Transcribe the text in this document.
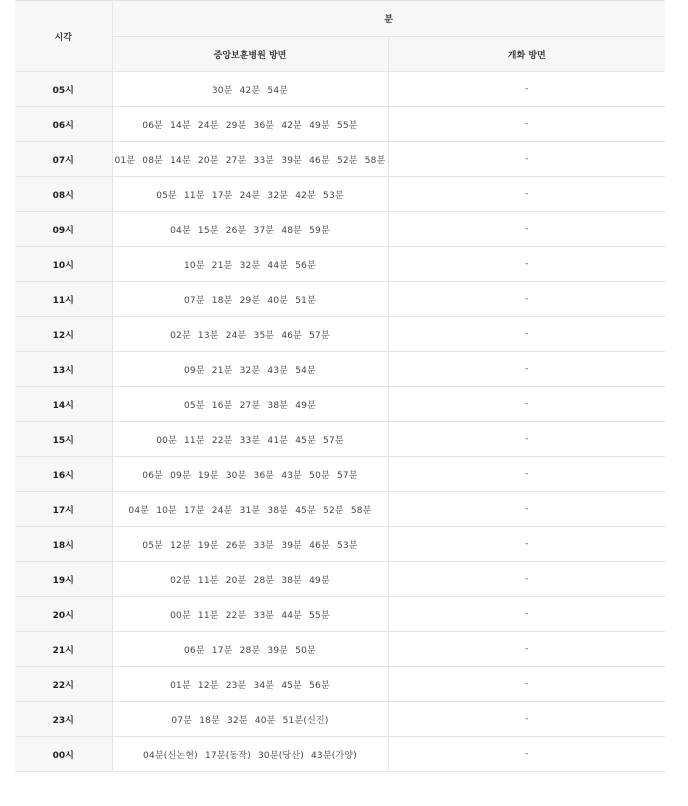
시각	분	
	중앙보훈병원 방면	개화 방면
05시	30분 42분 54분	-
06시	06분 14분 24분 29분 36분 42분 49분 55분	-
07시	01분 08분 14분 20분 27분 33분 39분 46분 52분 58분	-
08시	05분 11분 17분 24분 32분 42분 53분	-
09시	04분 15분 26분 37분 48분 59분	-
10시	10분 21분 32분 44분 56분	-
11시	07분 18분 29분 40분 51분	-
12시	02분 13분 24분 35분 46분 57분	-
13시	09분 21분 32분 43분 54분	-
14시	05분 16분 27분 38분 49분	-
15시	00분 11분 22분 33분 41분 45분 57분	-
16시	06분 09분 19분 30분 36분 43분 50분 57분	-
17시	04분 10분 17분 24분 31분 38분 45분 52분 58분	-
18시	05분 12분 19분 26분 33분 39분 46분 53분	-
19시	02분 11분 20분 28분 38분 49분	-
20시	00분 11분 22분 33분 44분 55분	-
21시	06분 17분 28분 39분 50분	-
22시	01분 12분 23분 34분 45분 56분	-
23시	07분 18분 32분 40분 51분(신진)	-
00시	04분(신논현) 17분(동작) 30분(당산) 43분(가양)	-
